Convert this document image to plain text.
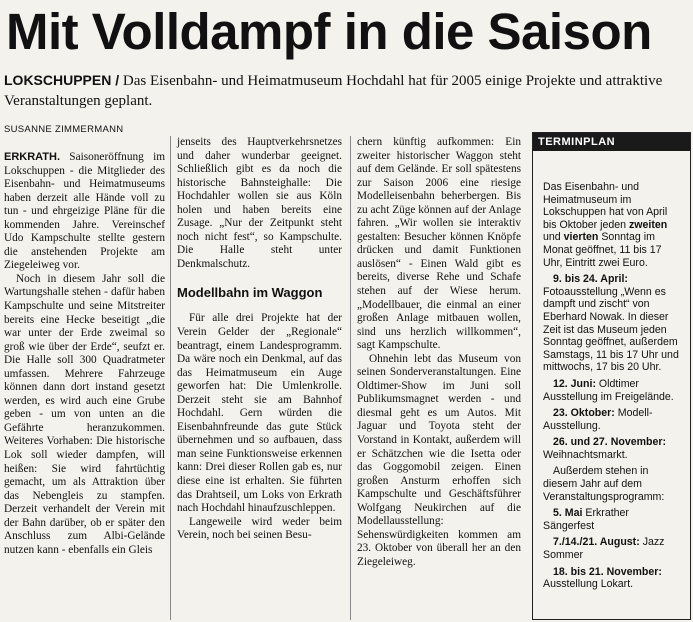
Mit Volldampf in die Saison
LOKSCHUPPEN / Das Eisenbahn- und Heimatmuseum Hochdahl hat für 2005 einige Projekte und attraktive Veranstaltungen geplant.
SUSANNE ZIMMERMANN

ERKRATH. Saisoneröffnung im Lokschuppen - die Mitglieder des Eisenbahn- und Heimatmuseums haben derzeit alle Hände voll zu tun - und ehrgeizige Pläne für die kommenden Jahre. Vereinschef Udo Kampschulte stellte gestern die anstehenden Projekte am Ziegeleiweg vor.

Noch in diesem Jahr soll die Wartungshalle stehen - dafür haben Kampschulte und seine Mitstreiter bereits eine Hecke beseitigt „die war unter der Erde zweimal so groß wie über der Erde“, seufzt er. Die Halle soll 300 Quadratmeter umfassen. Mehrere Fahrzeuge können dann dort instand gesetzt werden, es wird auch eine Grube geben - um von unten an die Gefährte heranzukommen. Weiteres Vorhaben: Die historische Lok soll wieder dampfen, will heißen: Sie wird fahrtüchtig gemacht, um als Attraktion über das Nebengleis zu stampfen. Derzeit verhandelt der Verein mit der Bahn darüber, ob er später den Anschluss zum Albi-Gelände nutzen kann - ebenfalls ein Gleis

jenseits des Hauptverkehrsnetzes und daher wunderbar geeignet. Schließlich gibt es da noch die historische Bahnsteighalle: Die Hochdahler wollen sie aus Köln holen und haben bereits eine Zusage. „Nur der Zeitpunkt steht noch nicht fest“, so Kampschulte. Die Halle steht unter Denkmalschutz.

Modellbahn im Waggon

Für alle drei Projekte hat der Verein Gelder der „Regionale“ beantragt, einem Landesprogramm. Da wäre noch ein Denkmal, auf das das Heimatmuseum ein Auge geworfen hat: Die Umlenkrolle. Derzeit steht sie am Bahnhof Hochdahl. Gern würden die Eisenbahnfreunde das gute Stück übernehmen und so aufbauen, dass man seine Funktionsweise erkennen kann: Drei dieser Rollen gab es, nur diese eine ist erhalten. Sie führten das Drahtseil, um Loks von Erkrath nach Hochdahl hinaufzuschleppen.

Langeweile wird weder beim Verein, noch bei seinen Besu-

chern künftig aufkommen: Ein zweiter historischer Waggon steht auf dem Gelände. Er soll spätestens zur Saison 2006 eine riesige Modelleisenbahn beherbergen. Bis zu acht Züge können auf der Anlage fahren. „Wir wollen sie interaktiv gestalten: Besucher können Knöpfe drücken und damit Funktionen auslösen“ - Einen Wald gibt es bereits, diverse Rehe und Schafe stehen auf der Wiese herum. „Modellbauer, die einmal an einer großen Anlage mitbauen wollen, sind uns herzlich willkommen“, sagt Kampschulte.

Ohnehin lebt das Museum von seinen Sonderveranstaltungen. Eine Oldtimer-Show im Juni soll Publikumsmagnet werden - und diesmal geht es um Autos. Mit Jaguar und Toyota steht der Vorstand in Kontakt, außerdem will er Schätzchen wie die Isetta oder das Goggomobil zeigen. Einen großen Ansturm erhoffen sich Kampschulte und Geschäftsführer Wolfgang Neukirchen auf die Modellausstellung: Sehenswürdigkeiten kommen am 23. Oktober von überall her an den Ziegeleiweg.

TERMINPLAN

Das Eisenbahn- und Heimatmuseum im Lokschuppen hat von April bis Oktober jeden zweiten und vierten Sonntag im Monat geöffnet, 11 bis 17 Uhr, Eintritt zwei Euro.

9. bis 24. April: Fotoausstellung „Wenn es dampft und zischt“ von Eberhard Nowak. In dieser Zeit ist das Museum jeden Sonntag geöffnet, außerdem Samstags, 11 bis 17 Uhr und mittwochs, 17 bis 20 Uhr.

12. Juni: Oldtimer Ausstellung im Freigelände.

23. Oktober: Modell-Ausstellung.

26. und 27. November: Weihnachtsmarkt.

Außerdem stehen in diesem Jahr auf dem Veranstaltungsprogramm:

5. Mai Erkrather Sängerfest

7./14./21. August: Jazz Sommer

18. bis 21. November: Ausstellung Lokart.
